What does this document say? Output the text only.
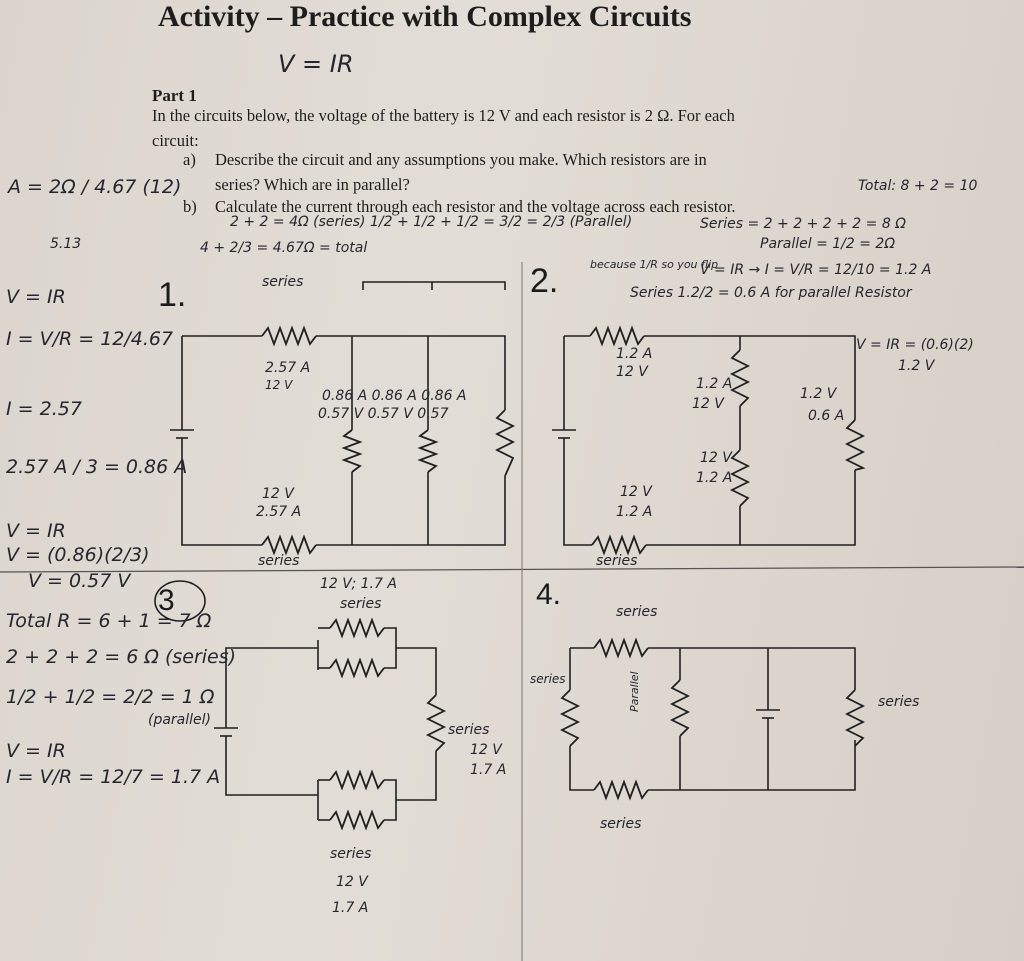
Activity – Practice with Complex Circuits
V = IR
Part 1
In the circuits below, the voltage of the battery is 12 V and each resistor is 2 Ω. For each
circuit:
a) Describe the circuit and any assumptions you make. Which resistors are in
series? Which are in parallel?
b) Calculate the current through each resistor and the voltage across each resistor.
1.	2.
3	4.
A = 2Ω / 4.67 (12)
5.13
Total: 8 + 2 = 10
Series = 2 + 2 + 2 + 2 = 8 Ω
2 + 2 = 4Ω (series) 1/2 + 1/2 + 1/2 = 3/2 = 2/3 (Parallel)
4 + 2/3 = 4.67Ω = total	Parallel = 1/2 = 2Ω
because 1/R so you flip
V = IR → I = V/R = 12/10 = 1.2 A
Series 1.2/2 = 0.6 A for parallel Resistor
V = IR = (0.6)(2)
1.2 V
V = IR
I = V/R = 12/4.67
I = 2.57
2.57 A / 3 = 0.86 A
V = IR
V = (0.86)(2/3)
V = 0.57 V
series
2.57 A
12 V
0.86 A 0.86 A 0.86 A
0.57 V 0.57 V 0.57
12 V
2.57 A
series
1.2 A
12 V
1.2 A
12 V
1.2 V
0.6 A
12 V
1.2 A
12 V
1.2 A
series
Total R = 6 + 1 = 7 Ω
2 + 2 + 2 = 6 Ω (series)
1/2 + 1/2 = 2/2 = 1 Ω
(parallel)
V = IR
I = V/R = 12/7 = 1.7 A
12 V; 1.7 A
series
series
12 V
1.7 A
series
12 V
1.7 A
series
series	Parallel
series
series
